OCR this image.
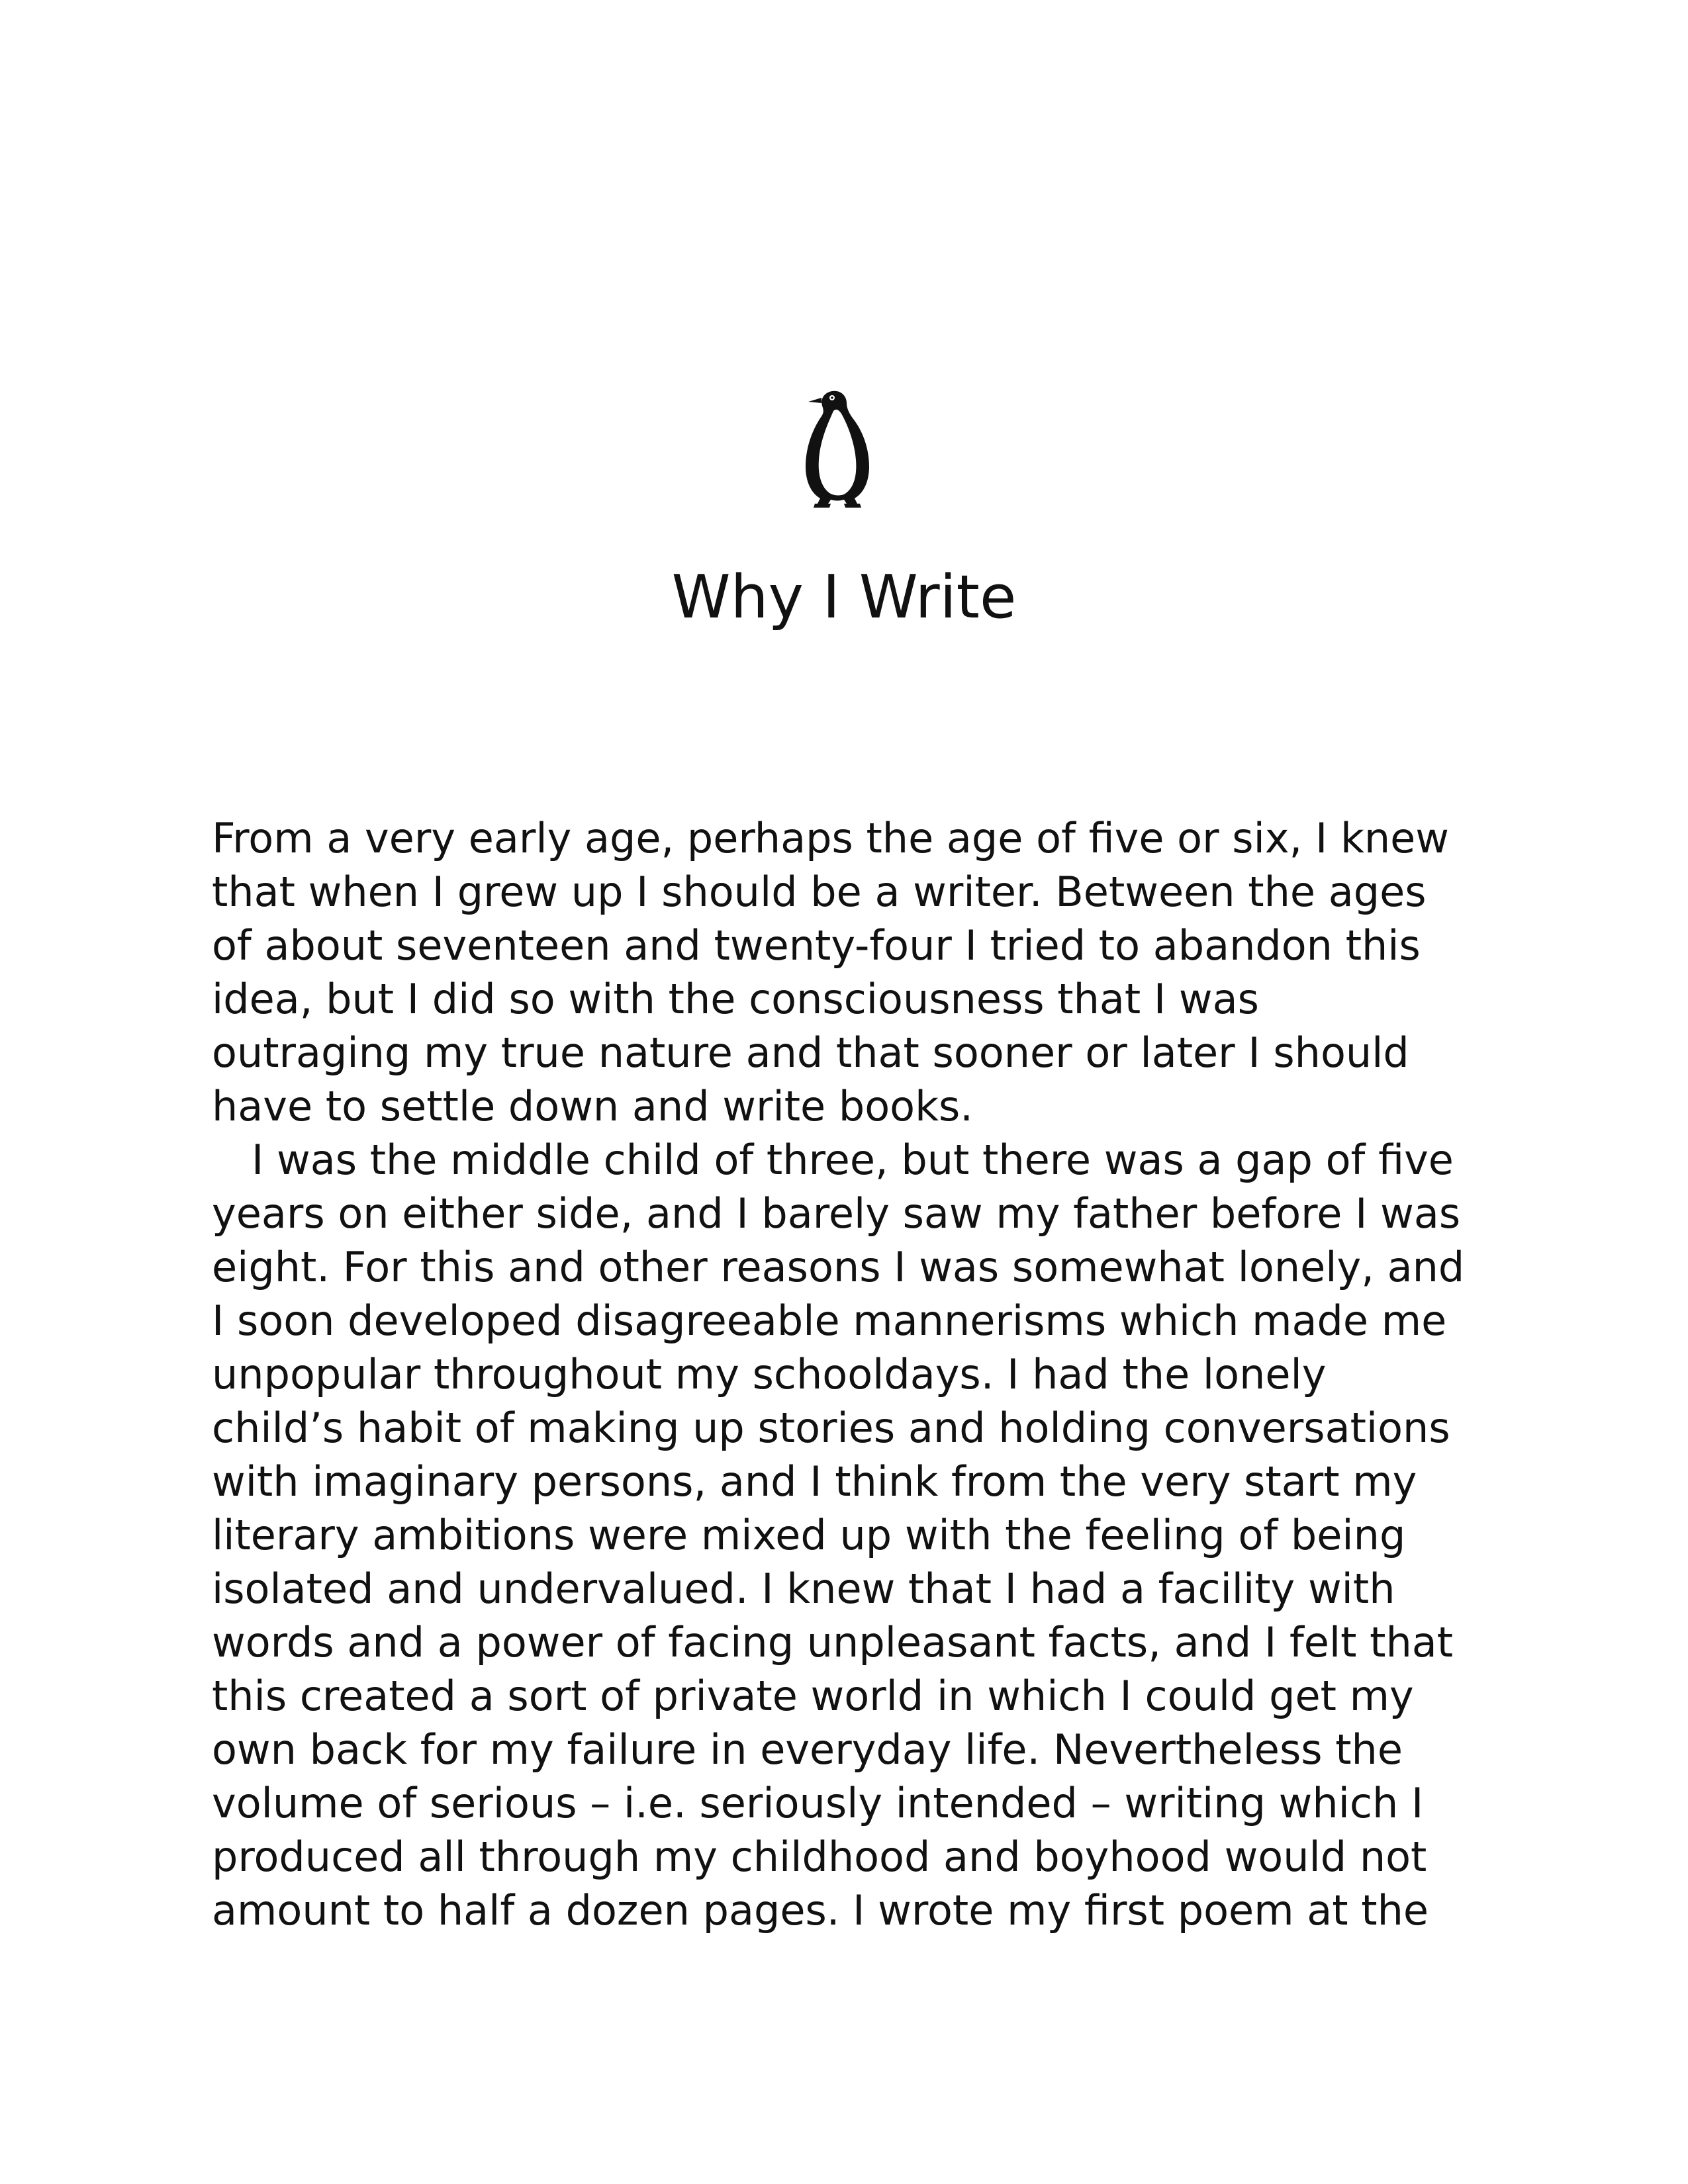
Why I Write
From a very early age, perhaps the age of five or six, I knew
that when I grew up I should be a writer. Between the ages
of about seventeen and twenty-four I tried to abandon this
idea, but I did so with the consciousness that I was
outraging my true nature and that sooner or later I should
have to settle down and write books.
I was the middle child of three, but there was a gap of five
years on either side, and I barely saw my father before I was
eight. For this and other reasons I was somewhat lonely, and
I soon developed disagreeable mannerisms which made me
unpopular throughout my schooldays. I had the lonely
child’s habit of making up stories and holding conversations
with imaginary persons, and I think from the very start my
literary ambitions were mixed up with the feeling of being
isolated and undervalued. I knew that I had a facility with
words and a power of facing unpleasant facts, and I felt that
this created a sort of private world in which I could get my
own back for my failure in everyday life. Nevertheless the
volume of serious – i.e. seriously intended – writing which I
produced all through my childhood and boyhood would not
amount to half a dozen pages. I wrote my first poem at the
